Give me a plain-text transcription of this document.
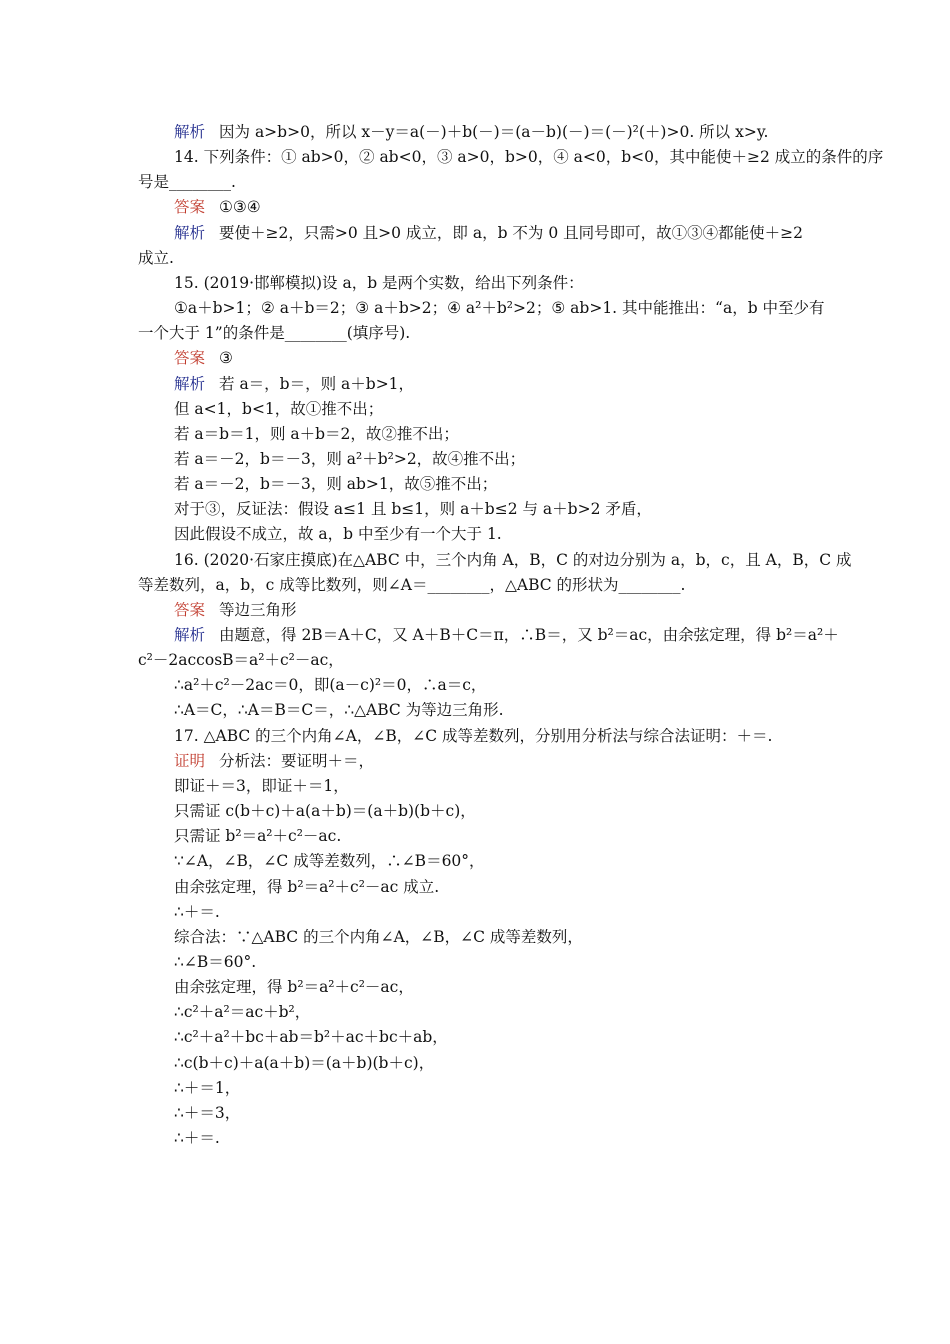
解析 因为 a>b>0，所以 x－y＝a(－)＋b(－)＝(a－b)(－)＝(－)²(＋)>0. 所以 x>y.
14. 下列条件：① ab>0，② ab<0，③ a>0，b>0，④ a<0，b<0，其中能使＋≥2 成立的条件的序
号是________.
答案 ①③④
解析 要使＋≥2，只需>0 且>0 成立，即 a，b 不为 0 且同号即可，故①③④都能使＋≥2
成立.
15. (2019·邯郸模拟)设 a，b 是两个实数，给出下列条件：
①a＋b>1；② a＋b＝2；③ a＋b>2；④ a²＋b²>2；⑤ ab>1. 其中能推出：“a，b 中至少有
一个大于 1”的条件是________(填序号).
答案 ③
解析 若 a＝，b＝，则 a＋b>1，
但 a<1，b<1，故①推不出；
若 a＝b＝1，则 a＋b＝2，故②推不出；
若 a＝－2，b＝－3，则 a²＋b²>2，故④推不出；
若 a＝－2，b＝－3，则 ab>1，故⑤推不出；
对于③，反证法：假设 a≤1 且 b≤1，则 a＋b≤2 与 a＋b>2 矛盾，
因此假设不成立，故 a，b 中至少有一个大于 1.
16. (2020·石家庄摸底)在△ABC 中，三个内角 A，B，C 的对边分别为 a，b，c，且 A，B，C 成
等差数列，a，b，c 成等比数列，则∠A＝________，△ABC 的形状为________.
答案 等边三角形
解析 由题意，得 2B＝A＋C，又 A＋B＋C＝π，∴B＝，又 b²＝ac，由余弦定理，得 b²＝a²＋
c²－2accosB＝a²＋c²－ac，
∴a²＋c²－2ac＝0，即(a－c)²＝0，∴a＝c，
∴A＝C，∴A＝B＝C＝，∴△ABC 为等边三角形.
17. △ABC 的三个内角∠A，∠B，∠C 成等差数列，分别用分析法与综合法证明：＋＝.
证明 分析法：要证明＋＝，
即证＋＝3，即证＋＝1，
只需证 c(b＋c)＋a(a＋b)＝(a＋b)(b＋c)，
只需证 b²＝a²＋c²－ac.
∵∠A，∠B，∠C 成等差数列，∴∠B＝60°，
由余弦定理，得 b²＝a²＋c²－ac 成立.
∴＋＝.
综合法：∵△ABC 的三个内角∠A，∠B，∠C 成等差数列，
∴∠B＝60°.
由余弦定理，得 b²＝a²＋c²－ac，
∴c²＋a²＝ac＋b²，
∴c²＋a²＋bc＋ab＝b²＋ac＋bc＋ab，
∴c(b＋c)＋a(a＋b)＝(a＋b)(b＋c)，
∴＋＝1，
∴＋＝3，
∴＋＝.
